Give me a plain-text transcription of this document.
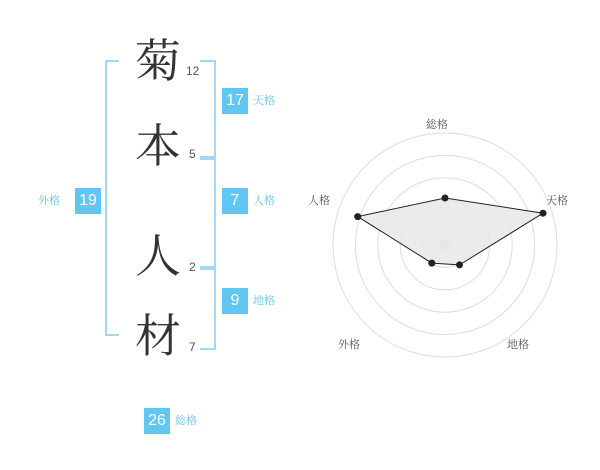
菊 12
本 5
人 2
材 7
17 天格
7	人格
9	地格
19
外格
26 総格
総格
天格
地格
外格
人格
